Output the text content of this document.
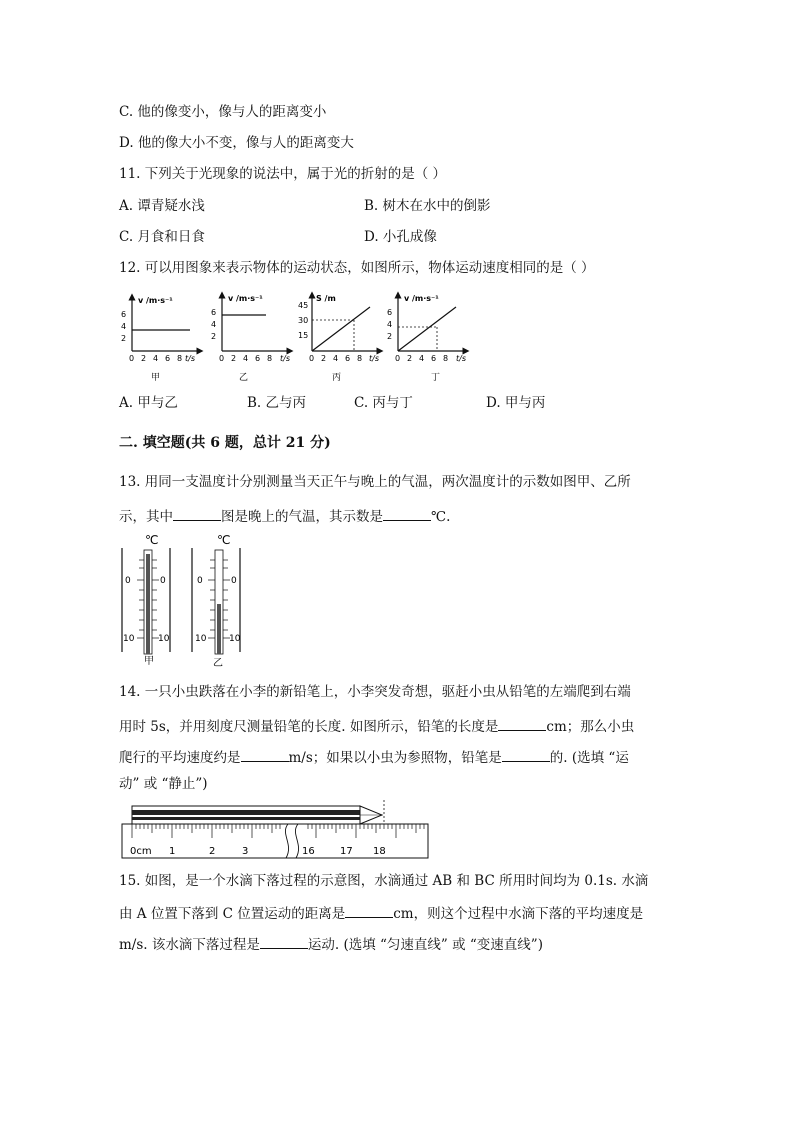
C. 他的像变小，像与人的距离变小
D. 他的像大小不变，像与人的距离变大
11. 下列关于光现象的说法中，属于光的折射的是（ ）
A. 谭青疑水浅	B. 树木在水中的倒影
C. 月食和日食	D. 小孔成像
12. 可以用图象来表示物体的运动状态，如图所示，物体运动速度相同的是（ ）
v /m·s⁻¹
6
4
2
0 2 4 6 8 t/s
甲
v /m·s⁻¹
6
4
2
0 2 4 6 8 t/s
乙
S /m
45
30
15
0 2 4 6 8 t/s
丙
v /m·s⁻¹
6
4
2
0 2 4 6 8 t/s
丁
A. 甲与乙	B. 乙与丙	C. 丙与丁	D. 甲与丙
二. 填空题(共 6 题，总计 21 分)
13. 用同一支温度计分别测量当天正午与晚上的气温，两次温度计的示数如图甲、乙所
示，其中	图是晚上的气温，其示数是	℃.
℃
0	0
10	10
甲
℃
0	0
10	10
乙
14. 一只小虫跌落在小李的新铅笔上，小李突发奇想，驱赶小虫从铅笔的左端爬到右端
用时 5s，并用刻度尺测量铅笔的长度. 如图所示，铅笔的长度是	cm；那么小虫
爬行的平均速度约是	m/s；如果以小虫为参照物，铅笔是	的. (选填 “运
动” 或 “静止”)
0cm 1	2	3	16	17 18
15. 如图，是一个水滴下落过程的示意图，水滴通过 AB 和 BC 所用时间均为 0.1s. 水滴
由 A 位置下落到 C 位置运动的距离是	cm，则这个过程中水滴下落的平均速度是
m/s. 该水滴下落过程是	运动. (选填 “匀速直线” 或 “变速直线”)
